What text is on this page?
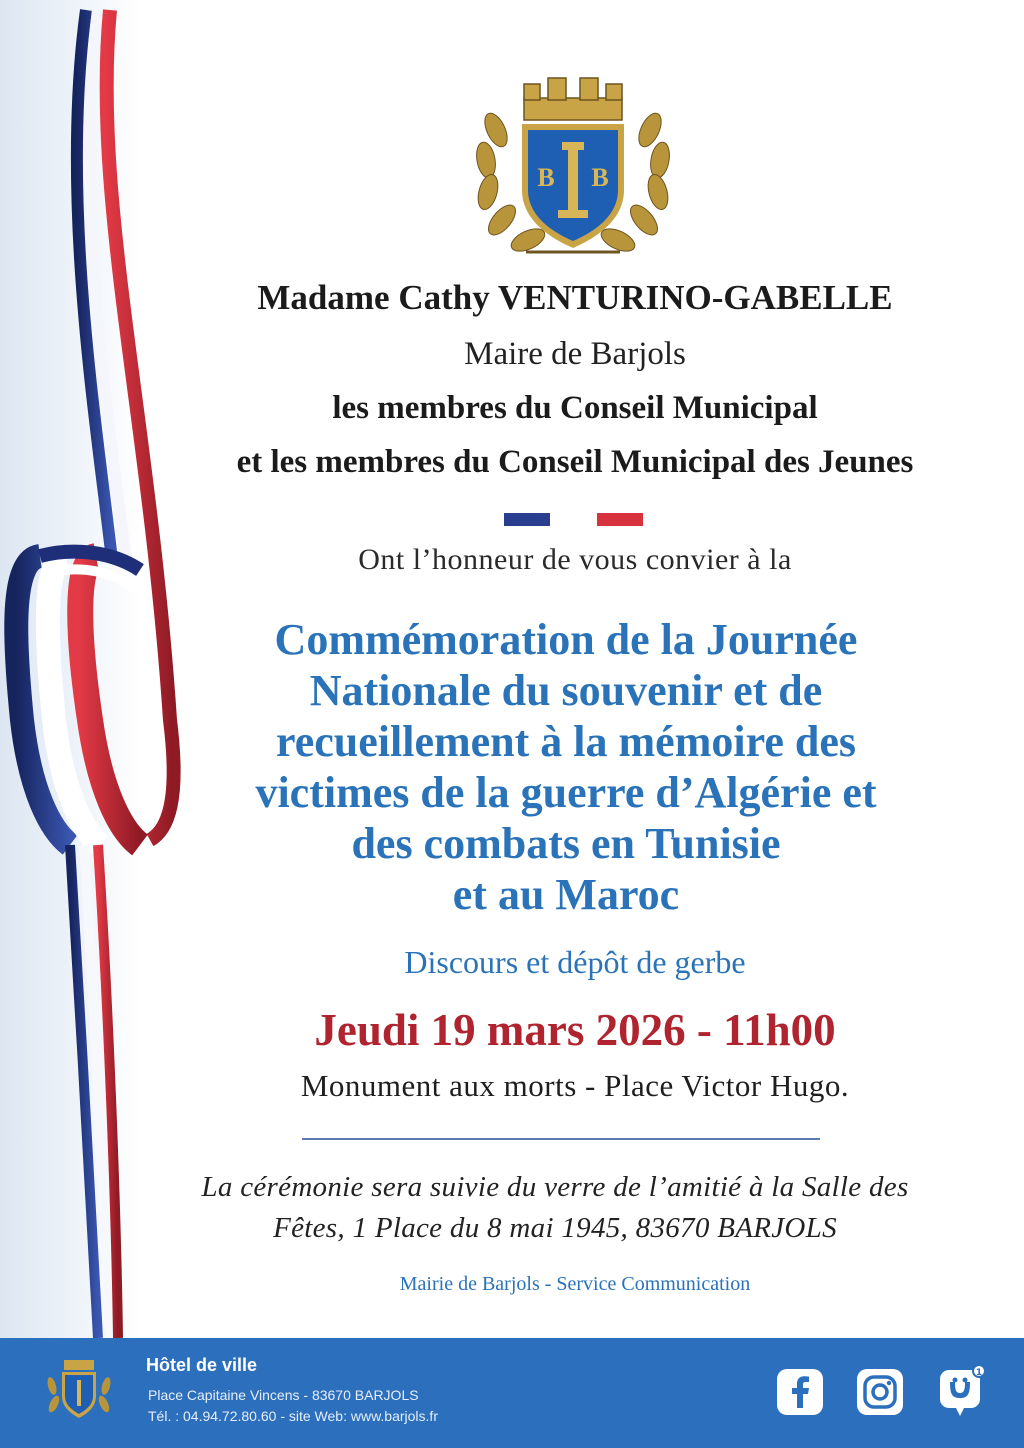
B B
Madame Cathy VENTURINO-GABELLE
Maire de Barjols
les membres du Conseil Municipal
et les membres du Conseil Municipal des Jeunes
Ont l’honneur de vous convier à la
Commémoration de la Journée
Nationale du souvenir et de
recueillement à la mémoire des
victimes de la guerre d’Algérie et
des combats en Tunisie
et au Maroc
Discours et dépôt de gerbe
Jeudi 19 mars 2026 - 11h00
Monument aux morts - Place Victor Hugo.
La cérémonie sera suivie du verre de l’amitié à la Salle des
Fêtes, 1 Place du 8 mai 1945, 83670 BARJOLS
Mairie de Barjols - Service Communication
Hôtel de ville
Place Capitaine Vincens - 83670 BARJOLS
Tél. : 04.94.72.80.60 - site Web: www.barjols.fr
1
